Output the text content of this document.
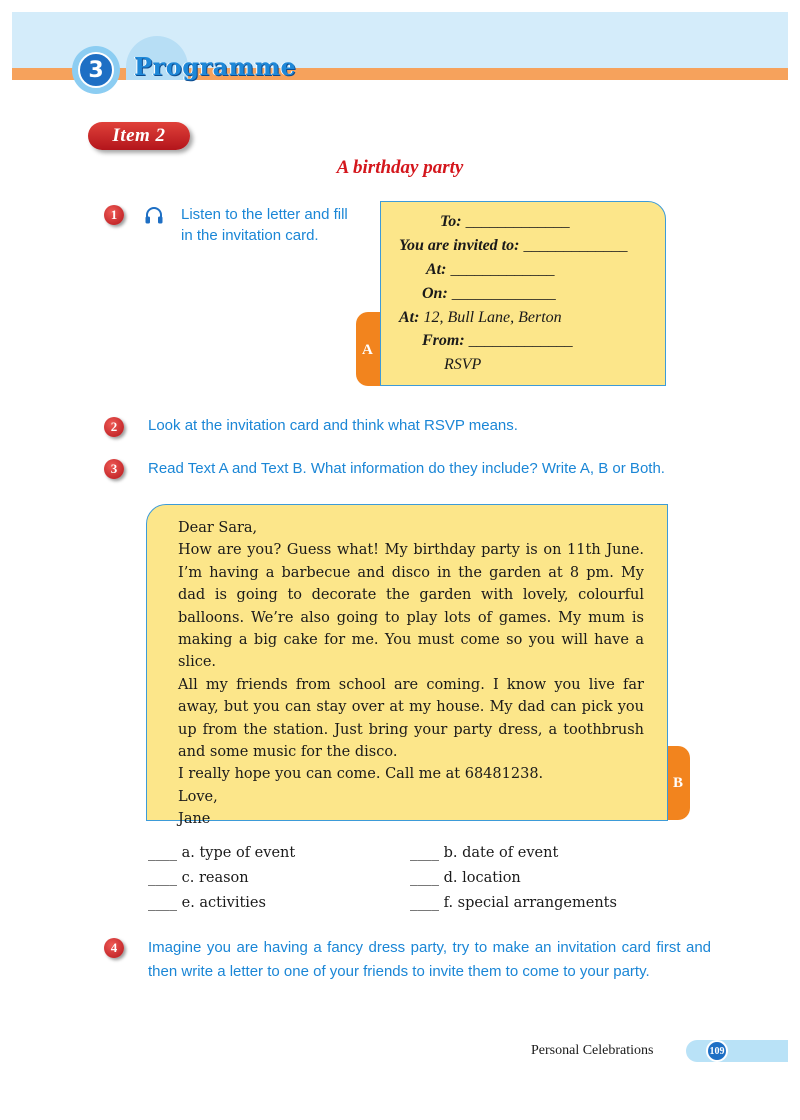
3	Programme
Item 2
A birthday party
1	Listen to the letter and fill in the invitation card.
A
To: _____________
You are invited to: _____________
At: _____________
On: _____________
At: 12, Bull Lane, Berton
From: _____________
RSVP
2	Look at the invitation card and think what RSVP means.
3	Read Text A and Text B. What information do they include? Write A, B or Both.
B
Dear Sara,
How are you? Guess what! My birthday party is on 11th June. I’m having a barbecue and disco in the garden at 8 pm. My dad is going to decorate the garden with lovely, colourful balloons. We’re also going to play lots of games. My mum is making a big cake for me. You must come so you will have a slice.
All my friends from school are coming. I know you live far away, but you can stay over at my house. My dad can pick you up from the station. Just bring your party dress, a toothbrush and some music for the disco.
I really hope you can come. Call me at 68481238.
Love,
Jane
____ a. type of event	____ b. date of event
____ c. reason	____ d. location
____ e. activities	____ f. special arrangements
4	Imagine you are having a fancy dress party, try to make an invitation card first and then write a letter to one of your friends to invite them to come to your party.
Personal Celebrations	109
